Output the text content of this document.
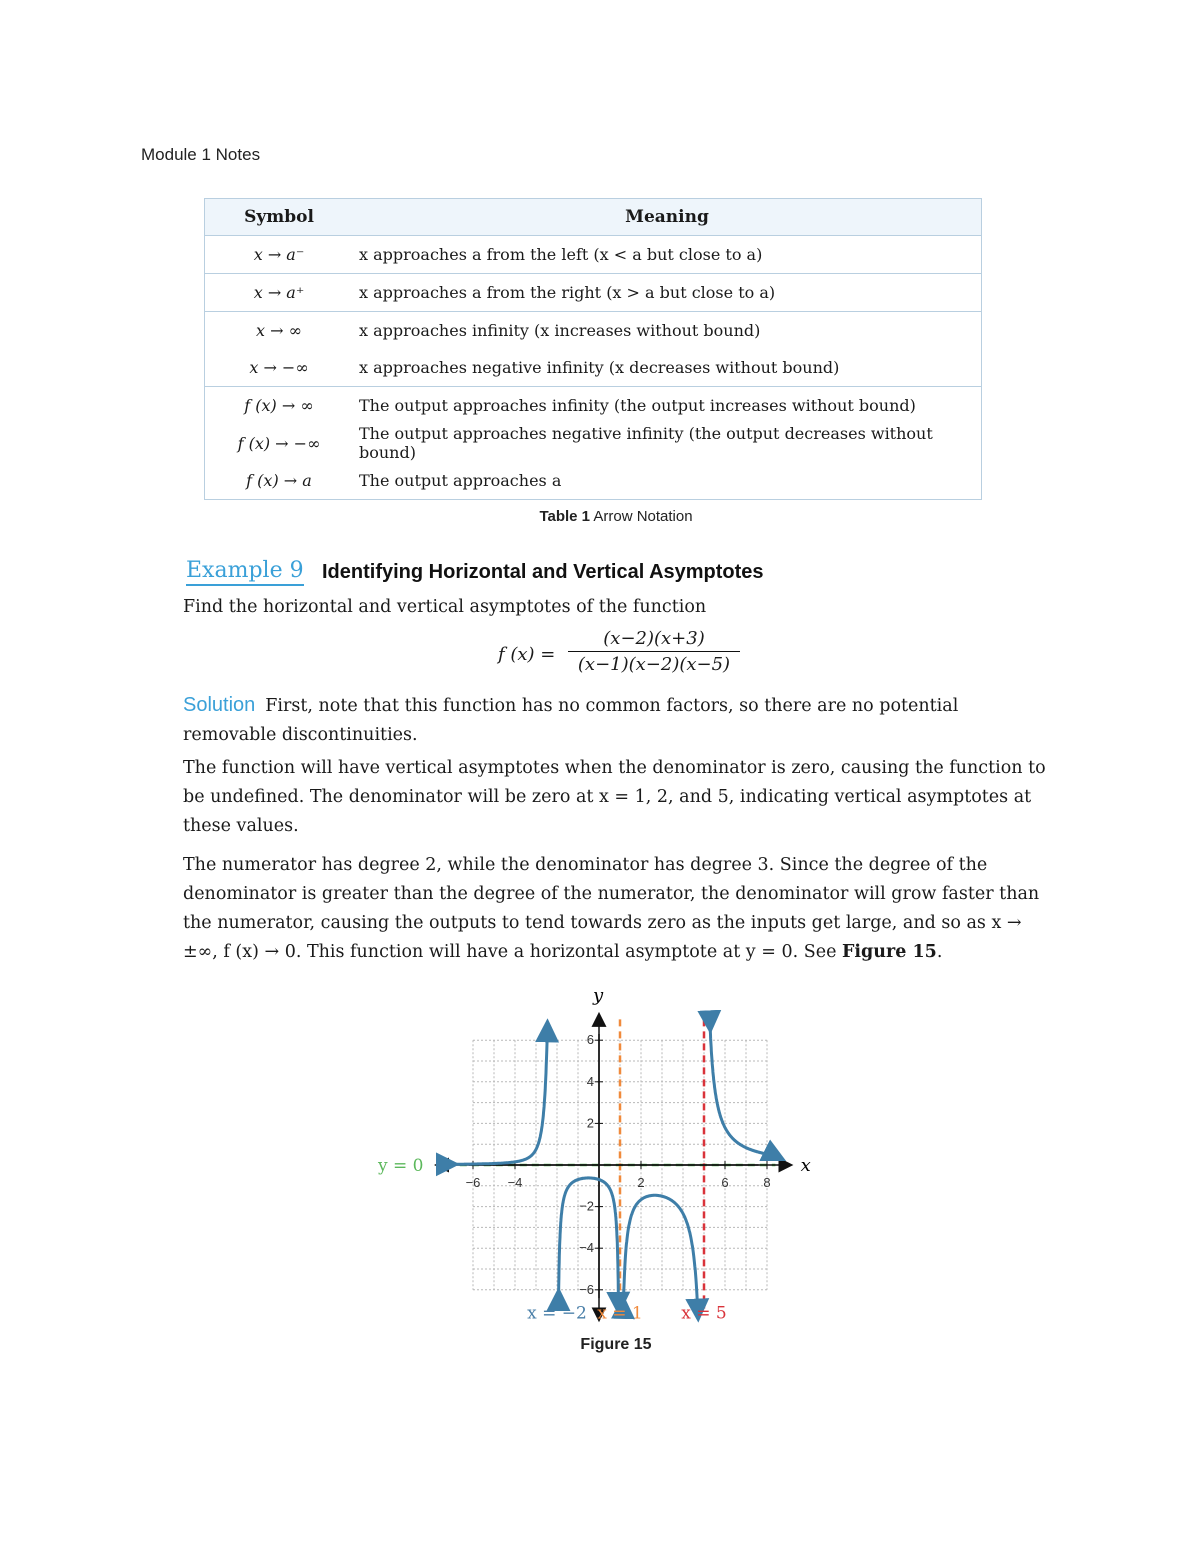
Module 1 Notes
Symbol	Meaning
x → a⁻	x approaches a from the left (x < a but close to a)
x → a⁺	x approaches a from the right (x > a but close to a)
x → ∞	x approaches infinity (x increases without bound)
x → −∞	x approaches negative infinity (x decreases without bound)
f (x) → ∞	The output approaches infinity (the output increases without bound)
f (x) → −∞	The output approaches negative infinity (the output decreases without bound)
f (x) → a	The output approaches a
Table 1 Arrow Notation
Example 9 Identifying Horizontal and Vertical Asymptotes
Find the horizontal and vertical asymptotes of the function
f $(x) = \frac{(x-2)(x+3)}{(x-1)(x-2)(x-5)}$
Solution First, note that this function has no common factors, so there are no potential removable discontinuities.
The function will have vertical asymptotes when the denominator is zero, causing the function to be undefined. The denominator will be zero at x = 1, 2, and 5, indicating vertical asymptotes at these values.
The numerator has degree 2, while the denominator has degree 3. Since the degree of the denominator is greater than the degree of the numerator, the denominator will grow faster than the numerator, causing the outputs to tend towards zero as the inputs get large, and so as x → ±∞, f (x) → 0. This function will have a horizontal asymptote at y = 0. See Figure 15.
−6 −4	2	6	8
6
4
2
−2
−4
−6
x
y
y = 0
x = −2 x = 1 x = 5
Figure 15
